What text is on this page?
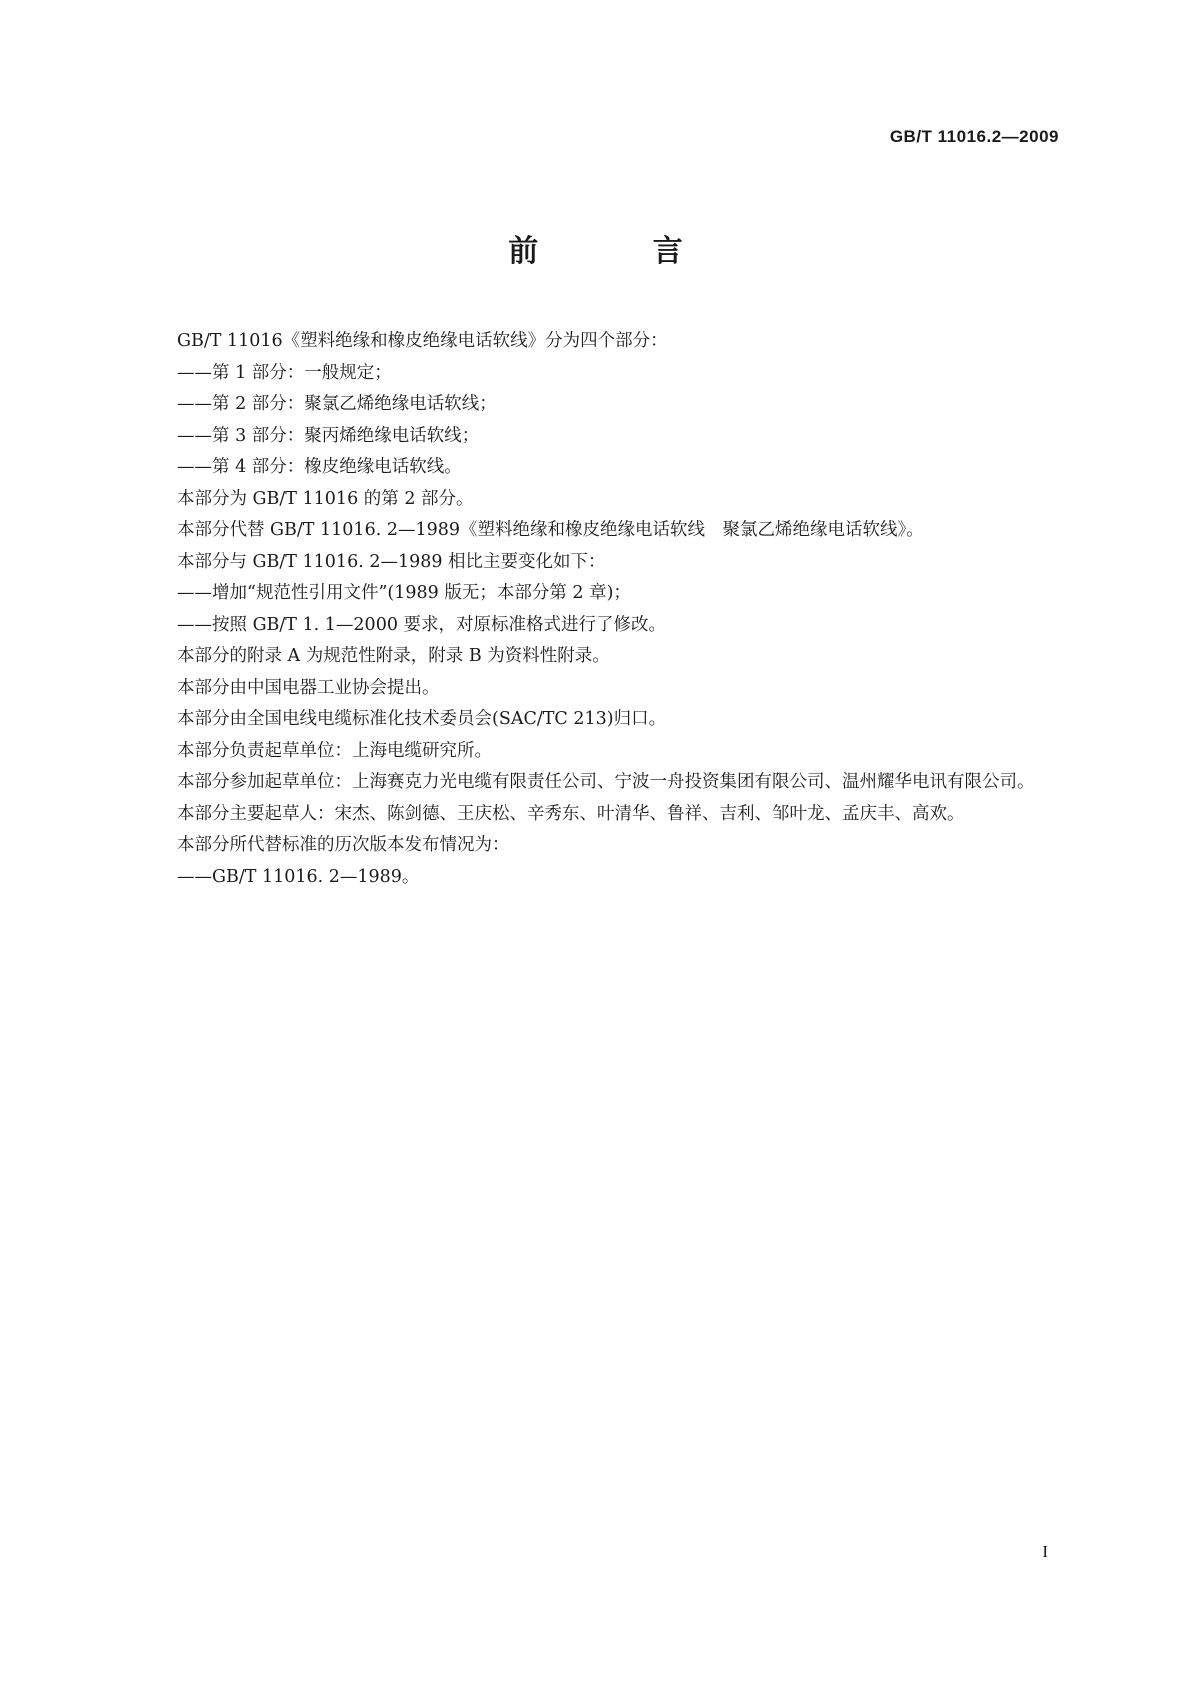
GB/T 11016.2—2009
前 言

GB/T 11016《塑料绝缘和橡皮绝缘电话软线》分为四个部分：

——第 1 部分：一般规定；

——第 2 部分：聚氯乙烯绝缘电话软线；

——第 3 部分：聚丙烯绝缘电话软线；

——第 4 部分：橡皮绝缘电话软线。

本部分为 GB/T 11016 的第 2 部分。

本部分代替 GB/T 11016. 2—1989《塑料绝缘和橡皮绝缘电话软线　聚氯乙烯绝缘电话软线》。

本部分与 GB/T 11016. 2—1989 相比主要变化如下：

——增加“规范性引用文件”(1989 版无；本部分第 2 章)；

——按照 GB/T 1. 1—2000 要求，对原标准格式进行了修改。

本部分的附录 A 为规范性附录，附录 B 为资料性附录。

本部分由中国电器工业协会提出。

本部分由全国电线电缆标准化技术委员会(SAC/TC 213)归口。

本部分负责起草单位：上海电缆研究所。

本部分参加起草单位：上海赛克力光电缆有限责任公司、宁波一舟投资集团有限公司、温州耀华电讯有限公司。

本部分主要起草人：宋杰、陈剑德、王庆松、辛秀东、叶清华、鲁祥、吉利、邹叶龙、孟庆丰、高欢。

本部分所代替标准的历次版本发布情况为：

——GB/T 11016. 2—1989。

I
